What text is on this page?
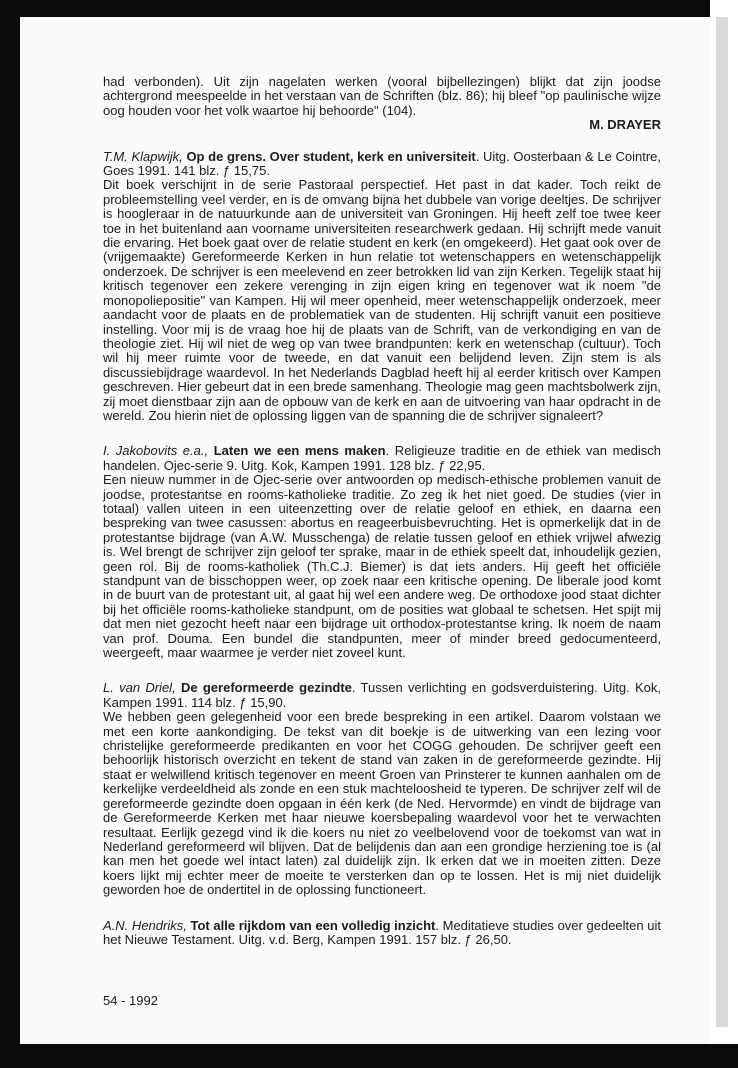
had verbonden). Uit zijn nagelaten werken (vooral bijbellezingen) blijkt dat zijn joodse achtergrond meespeelde in het verstaan van de Schriften (blz. 86); hij bleef "op paulinische wijze oog houden voor het volk waartoe hij behoorde" (104).

M. DRAYER

T.M. Klapwijk, Op de grens. Over student, kerk en universiteit. Uitg. Oosterbaan & Le Cointre, Goes 1991. 141 blz. ƒ 15,75.

Dit boek verschijnt in de serie Pastoraal perspectief. Het past in dat kader. Toch reikt de probleemstelling veel verder, en is de omvang bijna het dubbele van vorige deeltjes. De schrijver is hoogleraar in de natuurkunde aan de universiteit van Groningen. Hij heeft zelf toe twee keer toe in het buitenland aan voorname universiteiten researchwerk gedaan. Hij schrijft mede vanuit die ervaring. Het boek gaat over de relatie student en kerk (en omgekeerd). Het gaat ook over de (vrijgemaakte) Gereformeerde Kerken in hun relatie tot wetenschappers en wetenschappelijk onderzoek. De schrijver is een meelevend en zeer betrokken lid van zijn Kerken. Tegelijk staat hij kritisch tegenover een zekere verenging in zijn eigen kring en tegenover wat ik noem "de monopoliepositie" van Kampen. Hij wil meer openheid, meer wetenschappelijk onderzoek, meer aandacht voor de plaats en de problematiek van de studenten. Hij schrijft vanuit een positieve instelling. Voor mij is de vraag hoe hij de plaats van de Schrift, van de verkondiging en van de theologie ziet. Hij wil niet de weg op van twee brandpunten: kerk en wetenschap (cultuur). Toch wil hij meer ruimte voor de tweede, en dat vanuit een belijdend leven. Zijn stem is als discussiebijdrage waardevol. In het Nederlands Dagblad heeft hij al eerder kritisch over Kampen geschreven. Hier gebeurt dat in een brede samenhang. Theologie mag geen machtsbolwerk zijn, zij moet dienstbaar zijn aan de opbouw van de kerk en aan de uitvoering van haar opdracht in de wereld. Zou hierin niet de oplossing liggen van de spanning die de schrijver signaleert?

I. Jakobovits e.a., Laten we een mens maken. Religieuze traditie en de ethiek van medisch handelen. Ojec-serie 9. Uitg. Kok, Kampen 1991. 128 blz. ƒ 22,95.

Een nieuw nummer in de Ojec-serie over antwoorden op medisch-ethische problemen vanuit de joodse, protestantse en rooms-katholieke traditie. Zo zeg ik het niet goed. De studies (vier in totaal) vallen uiteen in een uiteenzetting over de relatie geloof en ethiek, en daarna een bespreking van twee casussen: abortus en reageerbuisbevruchting. Het is opmerkelijk dat in de protestantse bijdrage (van A.W. Musschenga) de relatie tussen geloof en ethiek vrijwel afwezig is. Wel brengt de schrijver zijn geloof ter sprake, maar in de ethiek speelt dat, inhoudelijk gezien, geen rol. Bij de rooms-katholiek (Th.C.J. Biemer) is dat iets anders. Hij geeft het officiële standpunt van de bisschoppen weer, op zoek naar een kritische opening. De liberale jood komt in de buurt van de protestant uit, al gaat hij wel een andere weg. De orthodoxe jood staat dichter bij het officiële rooms-katholieke standpunt, om de posities wat globaal te schetsen. Het spijt mij dat men niet gezocht heeft naar een bijdrage uit orthodox-protestantse kring. Ik noem de naam van prof. Douma. Een bundel die standpunten, meer of minder breed gedocumenteerd, weergeeft, maar waarmee je verder niet zoveel kunt.

L. van Driel, De gereformeerde gezindte. Tussen verlichting en godsverduistering. Uitg. Kok, Kampen 1991. 114 blz. ƒ 15,90.

We hebben geen gelegenheid voor een brede bespreking in een artikel. Daarom volstaan we met een korte aankondiging. De tekst van dit boekje is de uitwerking van een lezing voor christelijke gereformeerde predikanten en voor het COGG gehouden. De schrijver geeft een behoorlijk historisch overzicht en tekent de stand van zaken in de gereformeerde gezindte. Hij staat er welwillend kritisch tegenover en meent Groen van Prinsterer te kunnen aanhalen om de kerkelijke verdeeldheid als zonde en een stuk machteloosheid te typeren. De schrijver zelf wil de gereformeerde gezindte doen opgaan in één kerk (de Ned. Hervormde) en vindt de bijdrage van de Gereformeerde Kerken met haar nieuwe koersbepaling waardevol voor het te verwachten resultaat. Eerlijk gezegd vind ik die koers nu niet zo veelbelovend voor de toekomst van wat in Nederland gereformeerd wil blijven. Dat de belijdenis dan aan een grondige herziening toe is (al kan men het goede wel intact laten) zal duidelijk zijn. Ik erken dat we in moeiten zitten. Deze koers lijkt mij echter meer de moeite te versterken dan op te lossen. Het is mij niet duidelijk geworden hoe de ondertitel in de oplossing functioneert.

A.N. Hendriks, Tot alle rijkdom van een volledig inzicht. Meditatieve studies over gedeelten uit het Nieuwe Testament. Uitg. v.d. Berg, Kampen 1991. 157 blz. ƒ 26,50.

54 - 1992
